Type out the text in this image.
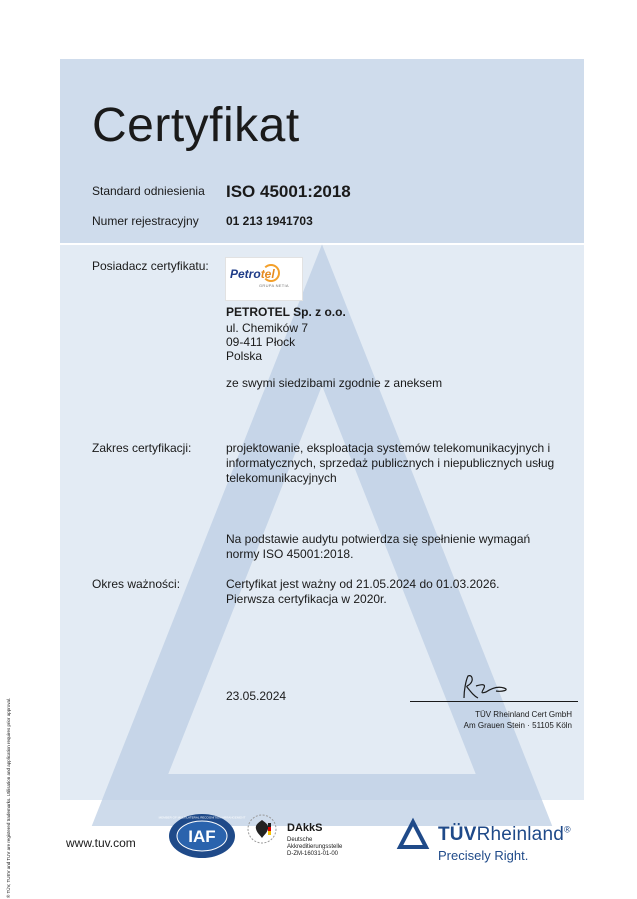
Certyfikat
Standard odniesienia ISO 45001:2018
Numer rejestracyjny 01 213 1941703
Posiadacz certyfikatu:
Petrotel
GRUPA NETIA
PETROTEL Sp. z o.o.
ul. Chemików 7
09-411 Płock
Polska
ze swymi siedzibami zgodnie z aneksem
Zakres certyfikacji:	projektowanie, eksploatacja systemów telekomunikacyjnych i
informatycznych, sprzedaż publicznych i niepublicznych usług
telekomunikacyjnych
Na podstawie audytu potwierdza się spełnienie wymagań
normy ISO 45001:2018.
Okres ważności:	Certyfikat jest ważny od 21.05.2024 do 01.03.2026.
Pierwsza certyfikacja w 2020r.
23.05.2024
TÜV Rheinland Cert GmbH
Am Grauen Stein · 51105 Köln
www.tuv.com	IAF
MEMBER OF MULTILATERAL RECOGNITION ARRANGEMENT
DAkkS
Deutsche
Akkreditierungsstelle
D-ZM-16031-01-00
TÜVRheinland®
Precisely Right.
® TÜV, TUEV and TUV are registered trademarks. Utilisation and application requires prior approval.
